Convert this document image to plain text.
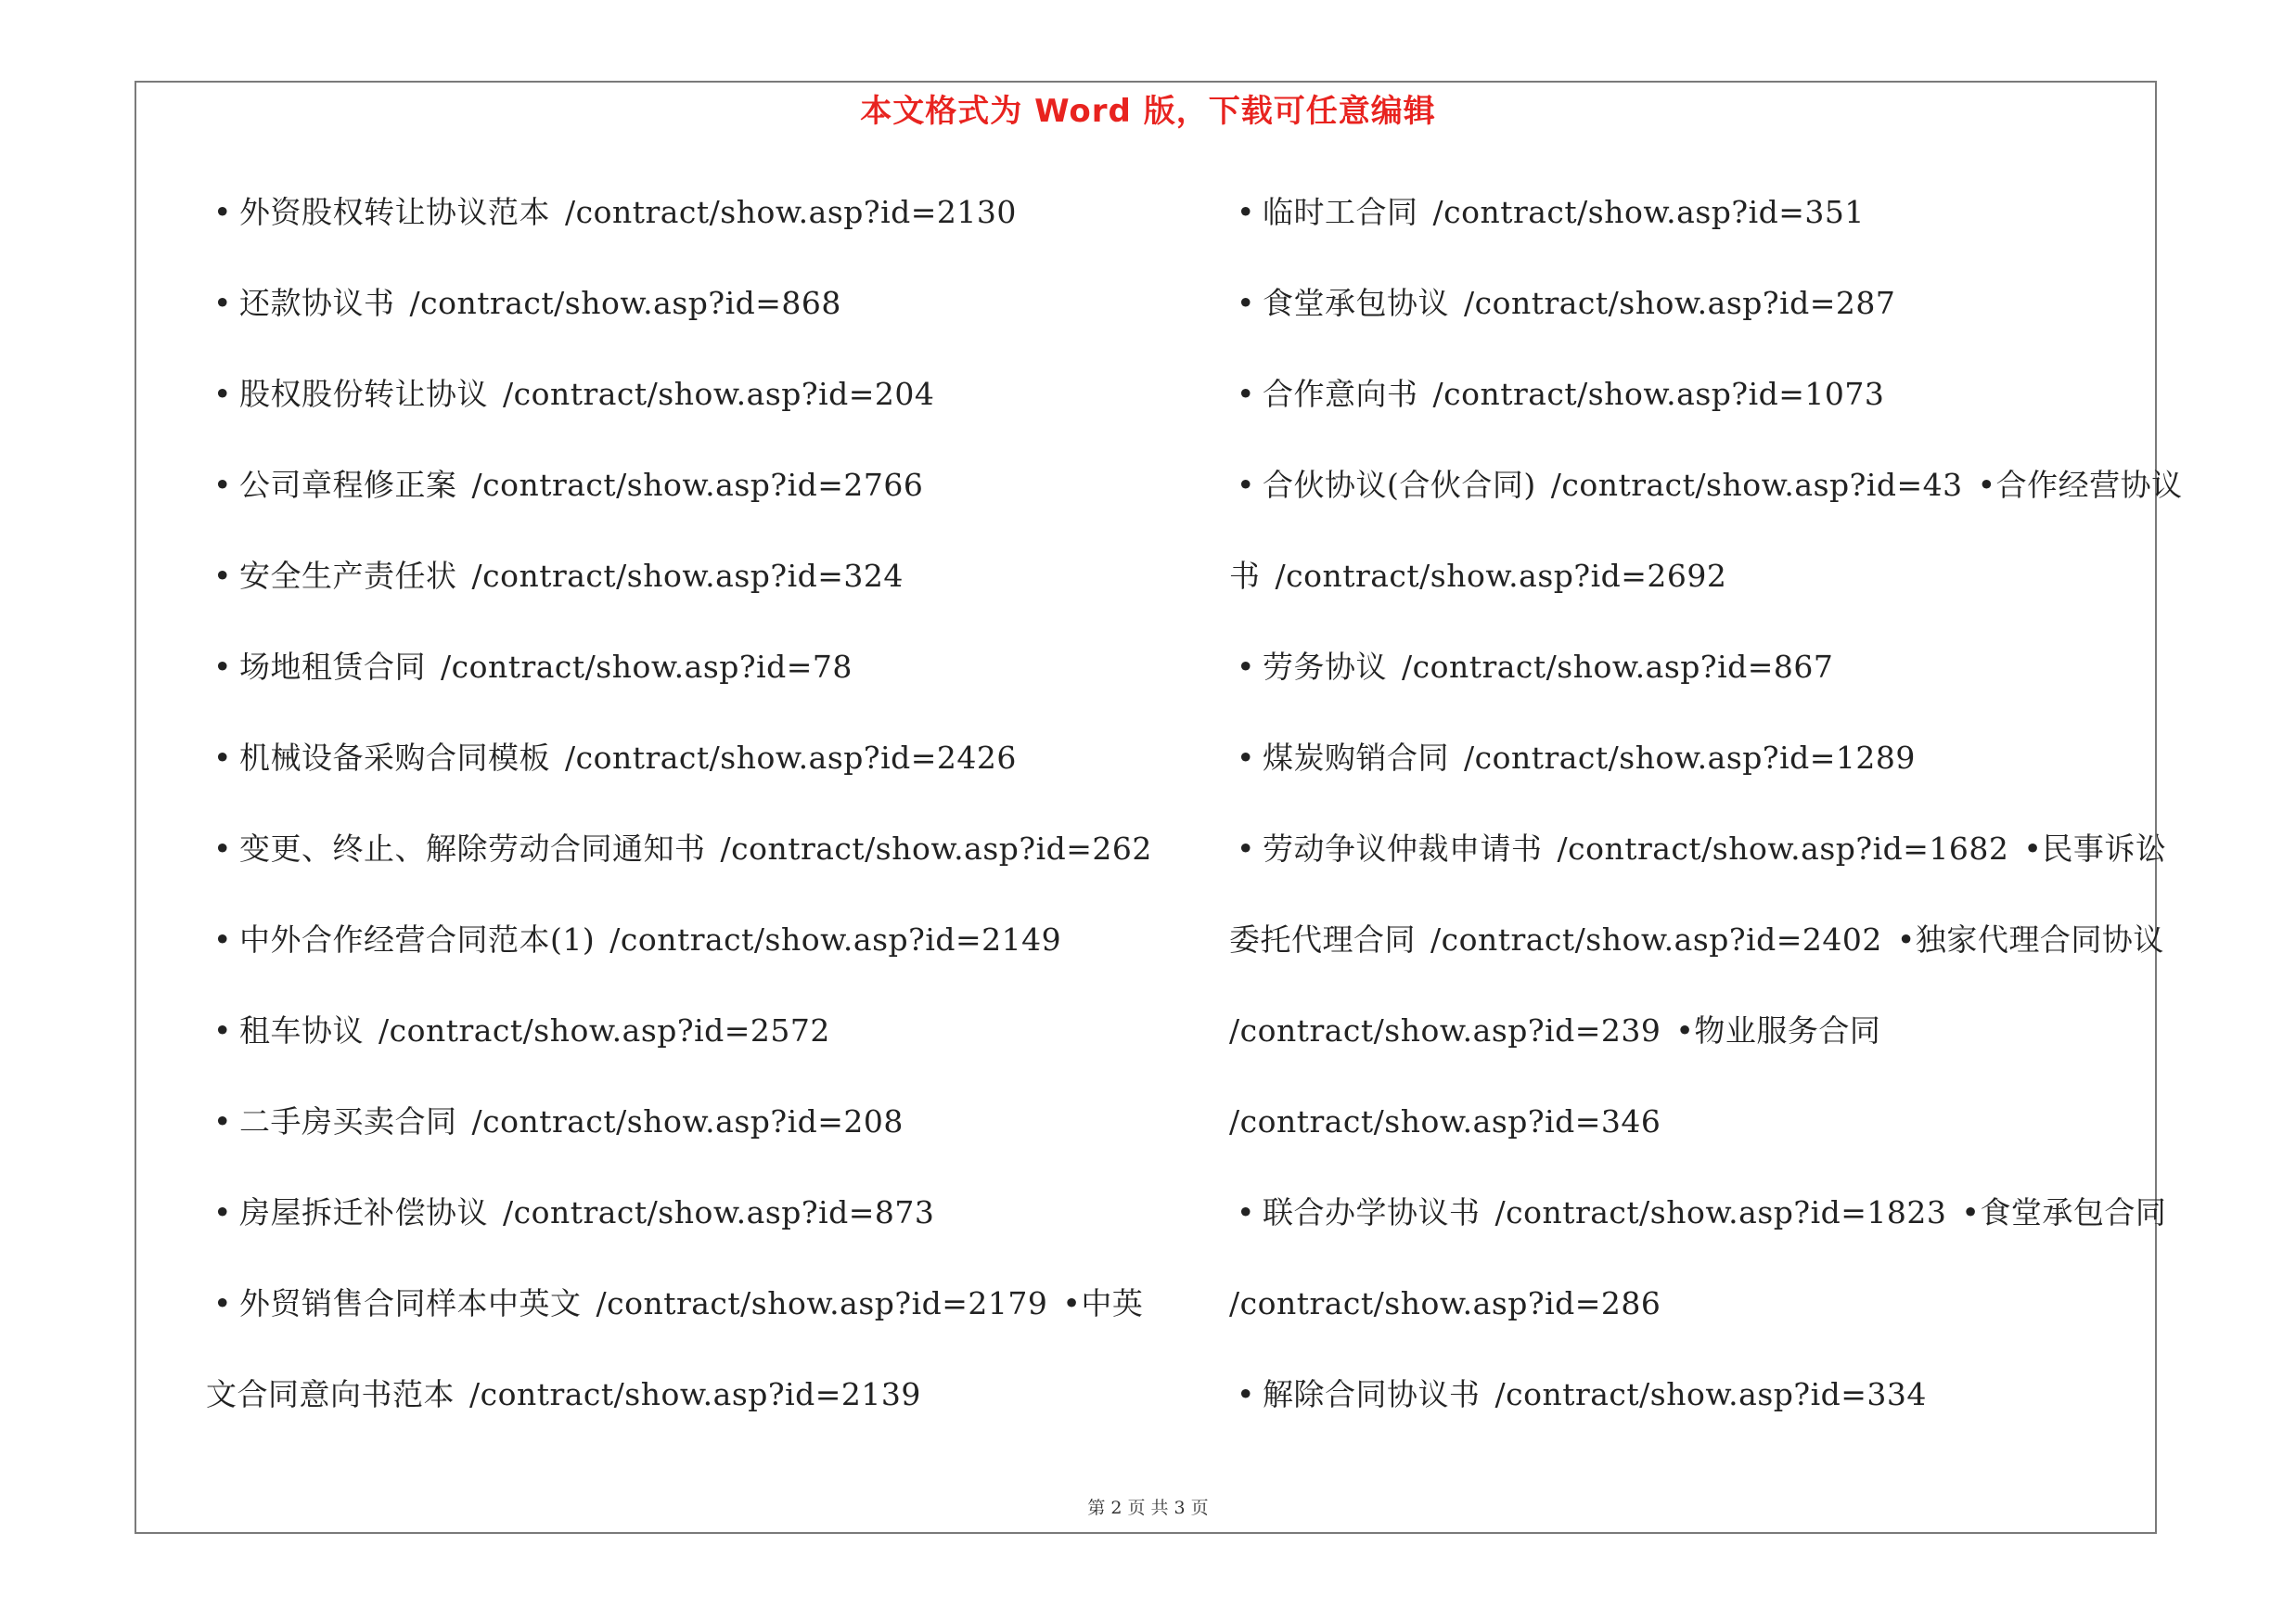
本文格式为 Word 版，下载可任意编辑
• 外资股权转让协议范本 /contract/show.asp?id=2130
• 还款协议书 /contract/show.asp?id=868
• 股权股份转让协议 /contract/show.asp?id=204
• 公司章程修正案 /contract/show.asp?id=2766
• 安全生产责任状 /contract/show.asp?id=324
• 场地租赁合同 /contract/show.asp?id=78
• 机械设备采购合同模板 /contract/show.asp?id=2426
• 变更、终止、解除劳动合同通知书 /contract/show.asp?id=262
• 中外合作经营合同范本(1) /contract/show.asp?id=2149
• 租车协议 /contract/show.asp?id=2572
• 二手房买卖合同 /contract/show.asp?id=208
• 房屋拆迁补偿协议 /contract/show.asp?id=873
• 外贸销售合同样本中英文 /contract/show.asp?id=2179 •中英
文合同意向书范本 /contract/show.asp?id=2139
• 临时工合同 /contract/show.asp?id=351
• 食堂承包协议 /contract/show.asp?id=287
• 合作意向书 /contract/show.asp?id=1073
• 合伙协议(合伙合同) /contract/show.asp?id=43 •合作经营协议
书 /contract/show.asp?id=2692
• 劳务协议 /contract/show.asp?id=867
• 煤炭购销合同 /contract/show.asp?id=1289
• 劳动争议仲裁申请书 /contract/show.asp?id=1682 •民事诉讼
委托代理合同 /contract/show.asp?id=2402 •独家代理合同协议
/contract/show.asp?id=239 •物业服务合同
/contract/show.asp?id=346
• 联合办学协议书 /contract/show.asp?id=1823 •食堂承包合同
/contract/show.asp?id=286
• 解除合同协议书 /contract/show.asp?id=334
第 2 页 共 3 页
